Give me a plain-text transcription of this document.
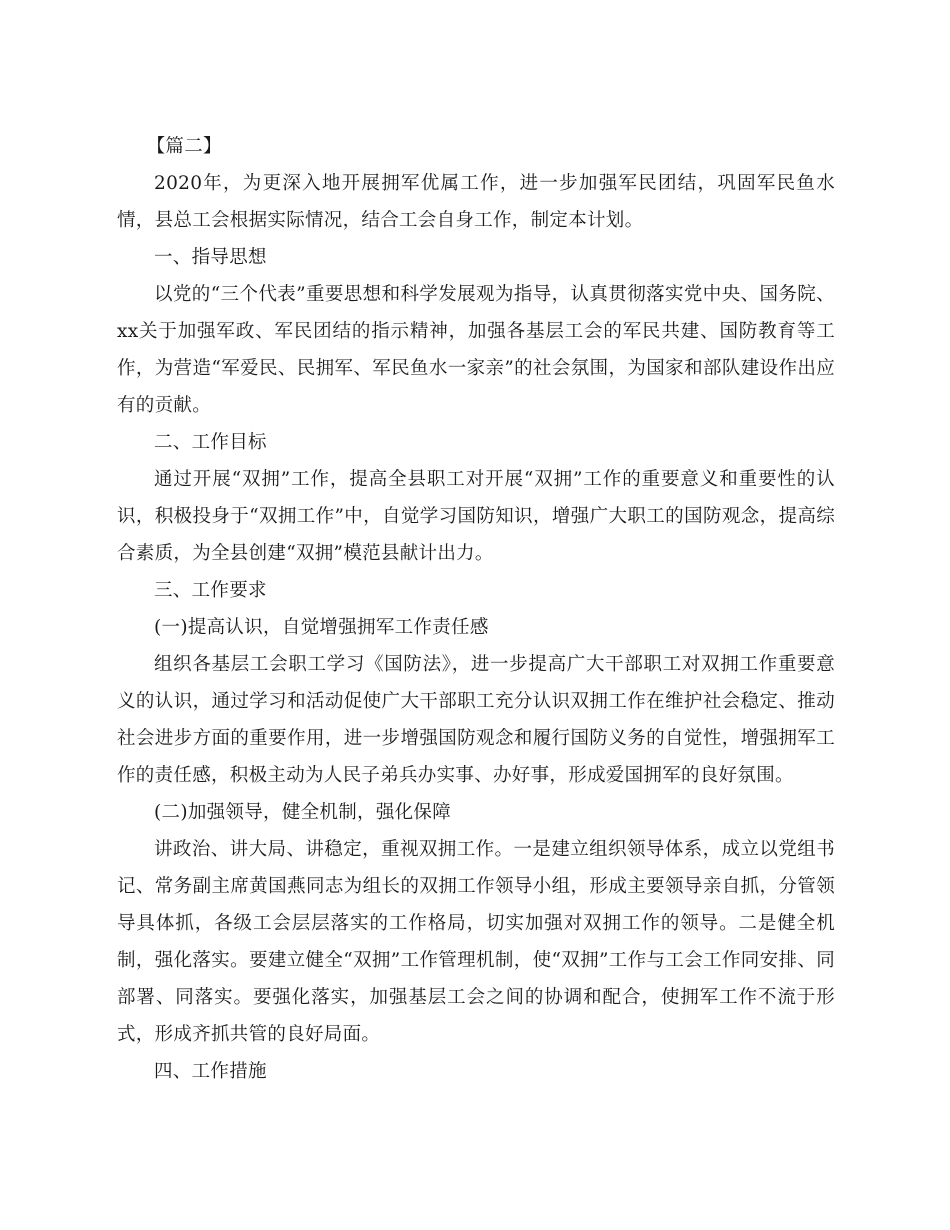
【篇二】

2020年，为更深入地开展拥军优属工作，进一步加强军民团结，巩固军民鱼水情，县总工会根据实际情况，结合工会自身工作，制定本计划。

一、指导思想

以党的“三个代表”重要思想和科学发展观为指导，认真贯彻落实党中央、国务院、xx关于加强军政、军民团结的指示精神，加强各基层工会的军民共建、国防教育等工作，为营造“军爱民、民拥军、军民鱼水一家亲”的社会氛围，为国家和部队建设作出应有的贡献。

二、工作目标

通过开展“双拥”工作，提高全县职工对开展“双拥”工作的重要意义和重要性的认识，积极投身于“双拥工作”中，自觉学习国防知识，增强广大职工的国防观念，提高综合素质，为全县创建“双拥”模范县献计出力。

三、工作要求

(一)提高认识，自觉增强拥军工作责任感

组织各基层工会职工学习《国防法》，进一步提高广大干部职工对双拥工作重要意义的认识，通过学习和活动促使广大干部职工充分认识双拥工作在维护社会稳定、推动社会进步方面的重要作用，进一步增强国防观念和履行国防义务的自觉性，增强拥军工作的责任感，积极主动为人民子弟兵办实事、办好事，形成爱国拥军的良好氛围。

(二)加强领导，健全机制，强化保障

讲政治、讲大局、讲稳定，重视双拥工作。一是建立组织领导体系，成立以党组书记、常务副主席黄国燕同志为组长的双拥工作领导小组，形成主要领导亲自抓，分管领导具体抓，各级工会层层落实的工作格局，切实加强对双拥工作的领导。二是健全机制，强化落实。要建立健全“双拥”工作管理机制，使“双拥”工作与工会工作同安排、同部署、同落实。要强化落实，加强基层工会之间的协调和配合，使拥军工作不流于形式，形成齐抓共管的良好局面。

四、工作措施
